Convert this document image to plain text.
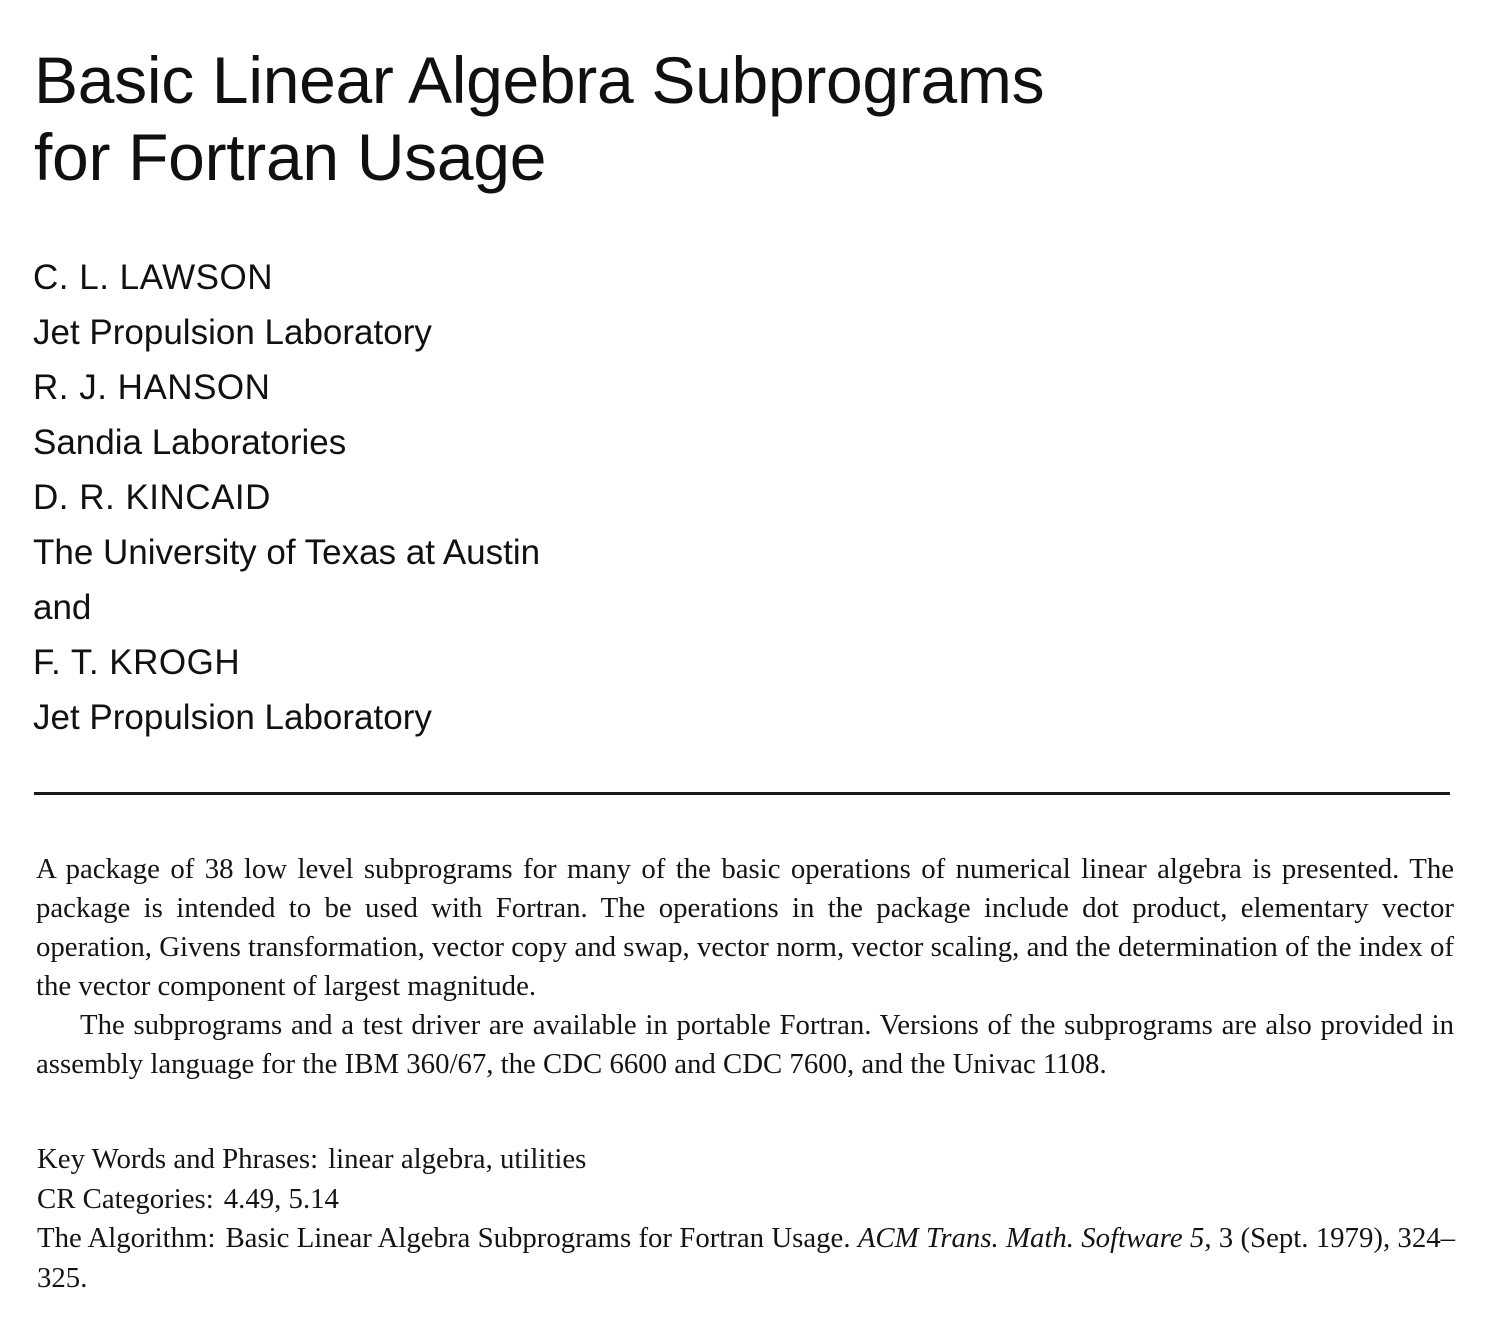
Basic Linear Algebra Subprograms
for Fortran Usage
C. L. LAWSON
Jet Propulsion Laboratory
R. J. HANSON
Sandia Laboratories
D. R. KINCAID
The University of Texas at Austin
and
F. T. KROGH
Jet Propulsion Laboratory

A package of 38 low level subprograms for many of the basic operations of numerical linear algebra is presented. The package is intended to be used with Fortran. The operations in the package include dot product, elementary vector operation, Givens transformation, vector copy and swap, vector norm, vector scaling, and the determination of the index of the vector component of largest magnitude.

The subprograms and a test driver are available in portable Fortran. Versions of the subprograms are also provided in assembly language for the IBM 360/67, the CDC 6600 and CDC 7600, and the Univac 1108.

Key Words and Phrases: linear algebra, utilities
CR Categories: 4.49, 5.14
The Algorithm: Basic Linear Algebra Subprograms for Fortran Usage. ACM Trans. Math. Software 5, 3 (Sept. 1979), 324–325.
